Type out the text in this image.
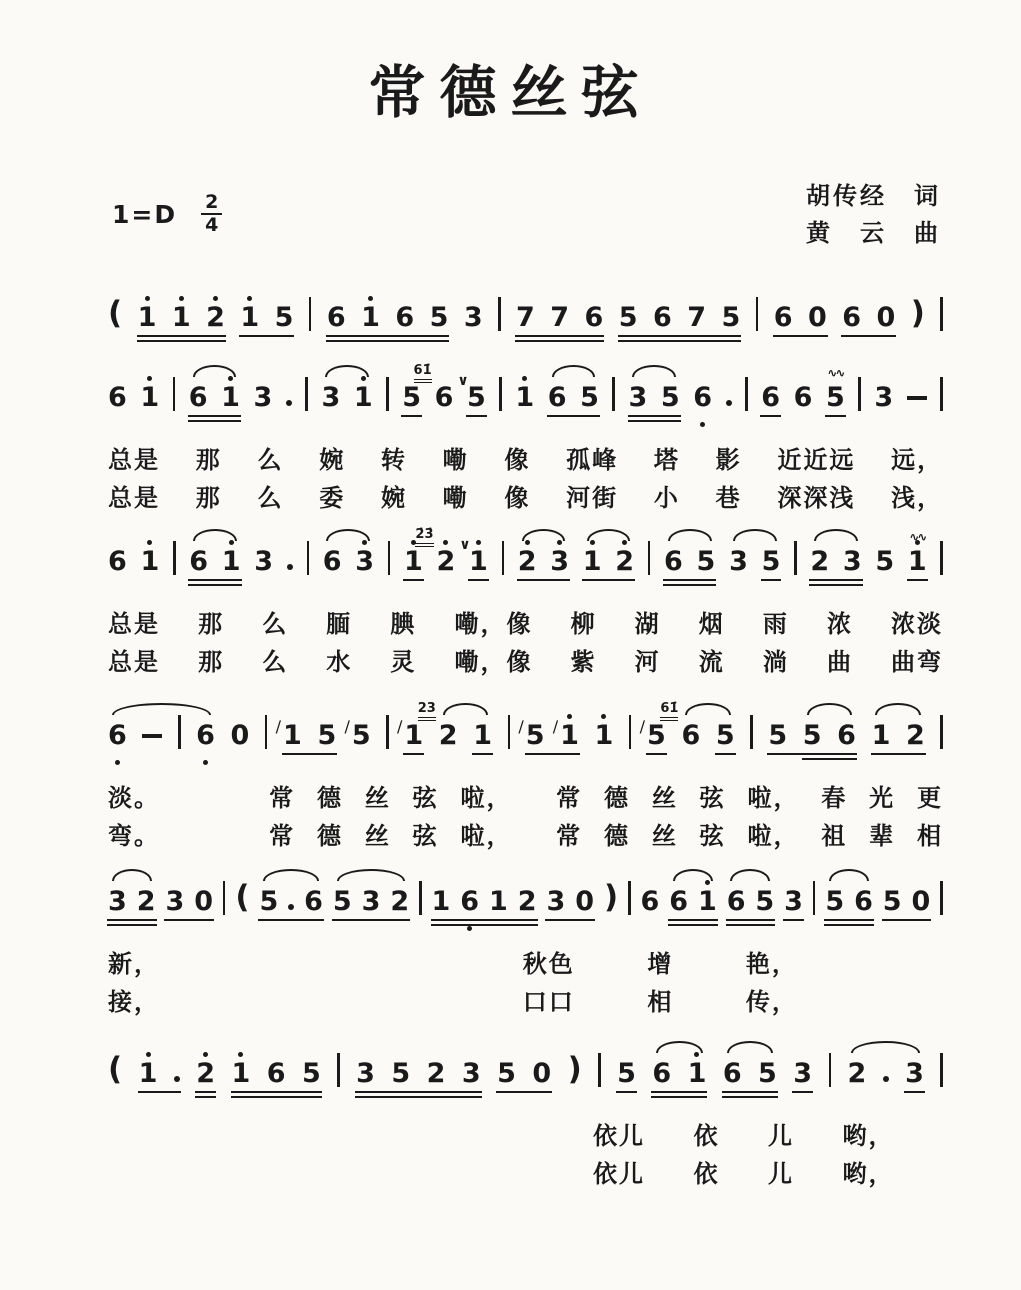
常德丝弦
$1=D \frac{2}{4}$	胡传经　词
黄　云　曲
( 1 1 2 1 5 6 1 6 5 3 7 7 6 5 6 7 5 6 0 6 0 )
6 1 6 1 3 3 1 5 6
∨
61̇
5 1 6 5 3 5 6 6 6 5
∿∿
3
总是 那 么 婉 转 嘞 像 孤峰 塔 影 近近远 远，
总是 那 么 委 婉 嘞 像 河街 小 巷 深深浅 浅，
6 1 6 1 3 6 3 1 2
∨
2̇3̇
1 2 3 1 2 6 5 3 5 2 3 5 1
∿∿
总是 那 么 腼 腆 嘞，像 柳 湖 烟 雨 浓 浓淡
总是 那 么 水 灵 嘞，像 紫 河 流 淌 曲 曲弯
6	6 0 1
∕ 5 5
∕ 1
∕ 2
23
1 5
∕ 1
∕ 1 5
∕ 6
61̇
5 5 5 6 1 2
淡。	常 德 丝 弦 啦， 常 德 丝 弦 啦， 春 光 更
弯。	常 德 丝 弦 啦， 常 德 丝 弦 啦， 祖 辈 相
3 2 3 0 ( 5 6 5 3 2 1 6 1 2 3 0 ) 6 6 1 6 5 3 5 6 5 0
新，	秋色	增	艳，
接，	口口	相	传，
( 1 2 1 6 5 3 5 2 3 5 0 ) 5 6 1 6 5 3 2 3
依儿 依 儿 哟，
依儿 依 儿 哟，
